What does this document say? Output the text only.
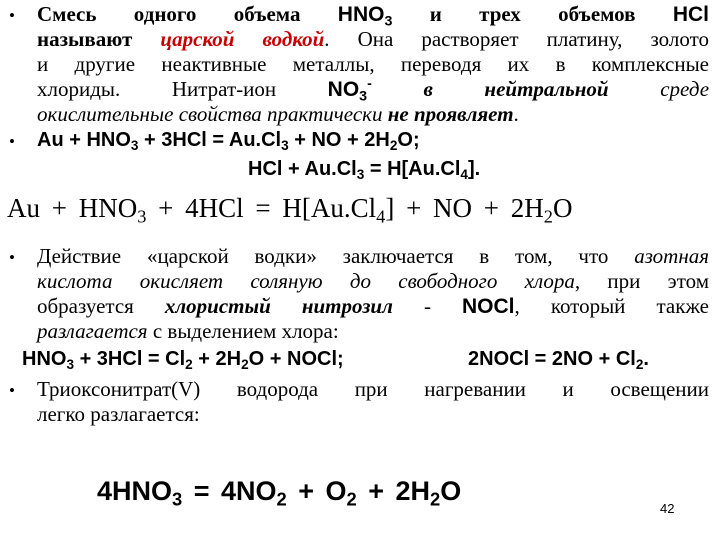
• Смесь одного объема $HNO_3$ и трех объемов HCl
называют царской водкой. Она растворяет платину, золото
и другие неактивные металлы, переводя их в комплексные
хлориды. Нитрат-ион $NO_3^-$ в нейтральной среде
окислительные свойства практически не проявляет.
• $Au + HNO_3 + 3HCl = Au.Cl_3$ + NO + $2H_2O$;
HCl + $Au.Cl_3 = H[Au.Cl_4]$.
$Au + HNO_3 + 4HCl = H[Au.Cl_4]$ + NO + $2H_2O$
• Действие «царской водки» заключается в том, что азотная
кислота окисляет соляную до свободного хлора, при этом
образуется хлористый нитрозил - NOCl, который также
разлагается с выделением хлора:
$HNO_3 + 3HCl = Cl_2 + 2H_2O$ + NOCl;	2NOCl = $2NO + Cl_2$.
• Триоксонитрат(V) водорода при нагревании и освещении
легко разлагается:
$4HNO_3 = 4NO_2 + O_2 + 2H_2O$
42
